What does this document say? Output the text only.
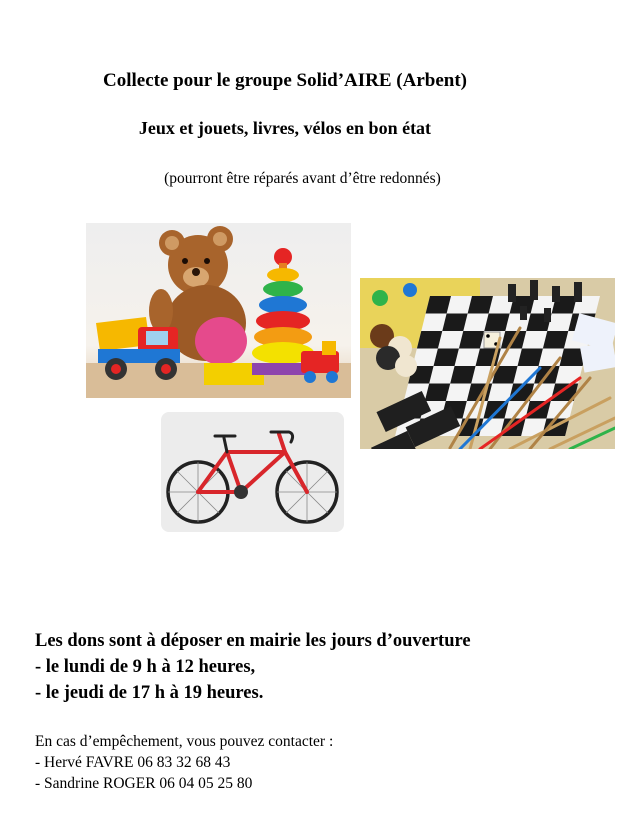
Collecte pour le groupe Solid’AIRE (Arbent)
Jeux et jouets, livres, vélos en bon état
(pourront être réparés avant d’être redonnés)
Les dons sont à déposer en mairie les jours d’ouverture
- le lundi de 9 h à 12 heures,
- le jeudi de 17 h à 19 heures.
En cas d’empêchement, vous pouvez contacter :
- Hervé FAVRE 06 83 32 68 43
- Sandrine ROGER 06 04 05 25 80
